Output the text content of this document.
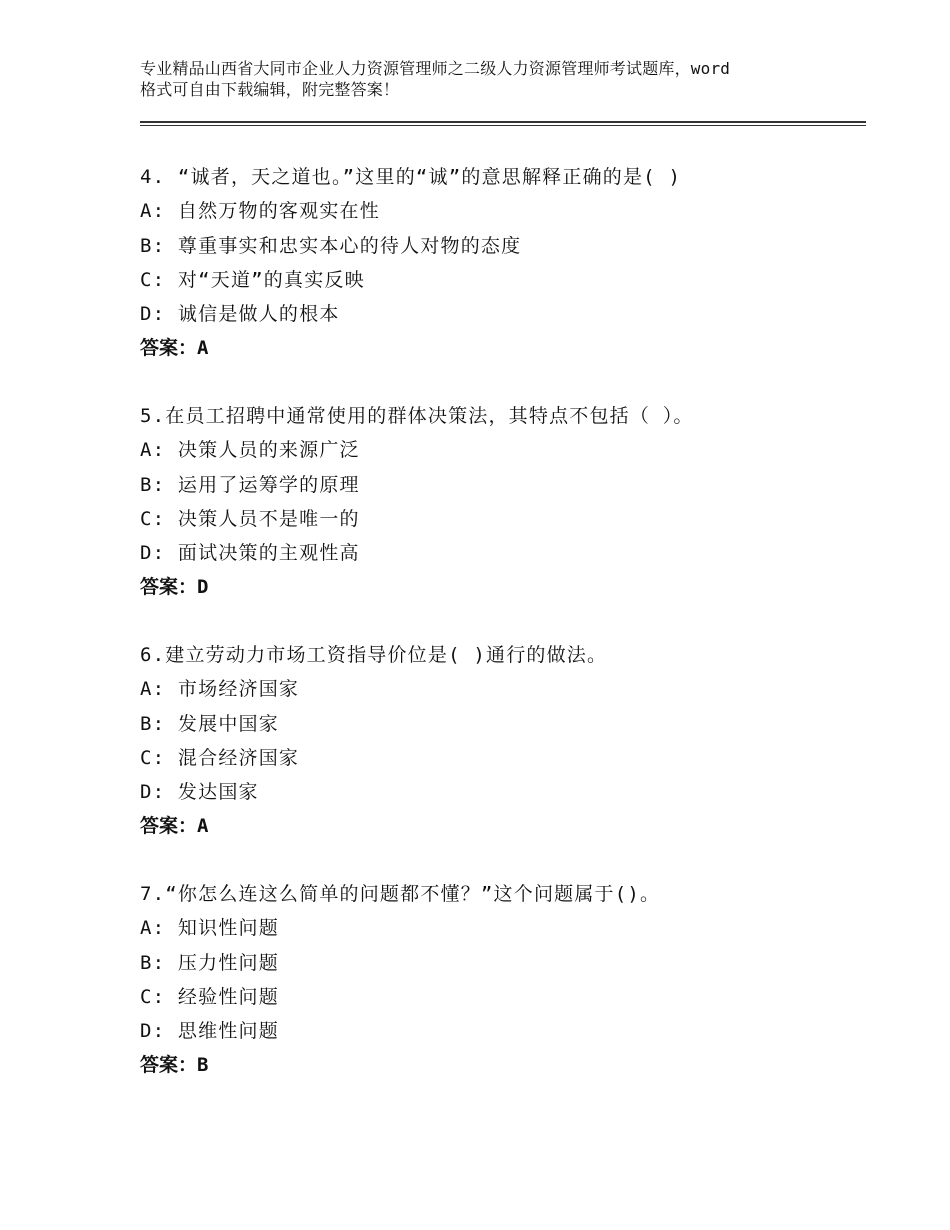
专业精品山西省大同市企业人力资源管理师之二级人力资源管理师考试题库，word
格式可自由下载编辑，附完整答案！
4. “诚者，天之道也。”这里的“诚”的意思解释正确的是( )
A: 自然万物的客观实在性
B: 尊重事实和忠实本心的待人对物的态度
C: 对“天道”的真实反映
D: 诚信是做人的根本
答案：A
5.在员工招聘中通常使用的群体决策法，其特点不包括（ ）。
A: 决策人员的来源广泛
B: 运用了运筹学的原理
C: 决策人员不是唯一的
D: 面试决策的主观性高
答案：D
6.建立劳动力市场工资指导价位是( )通行的做法。
A: 市场经济国家
B: 发展中国家
C: 混合经济国家
D: 发达国家
答案：A
7.“你怎么连这么简单的问题都不懂？”这个问题属于()。
A: 知识性问题
B: 压力性问题
C: 经验性问题
D: 思维性问题
答案：B
